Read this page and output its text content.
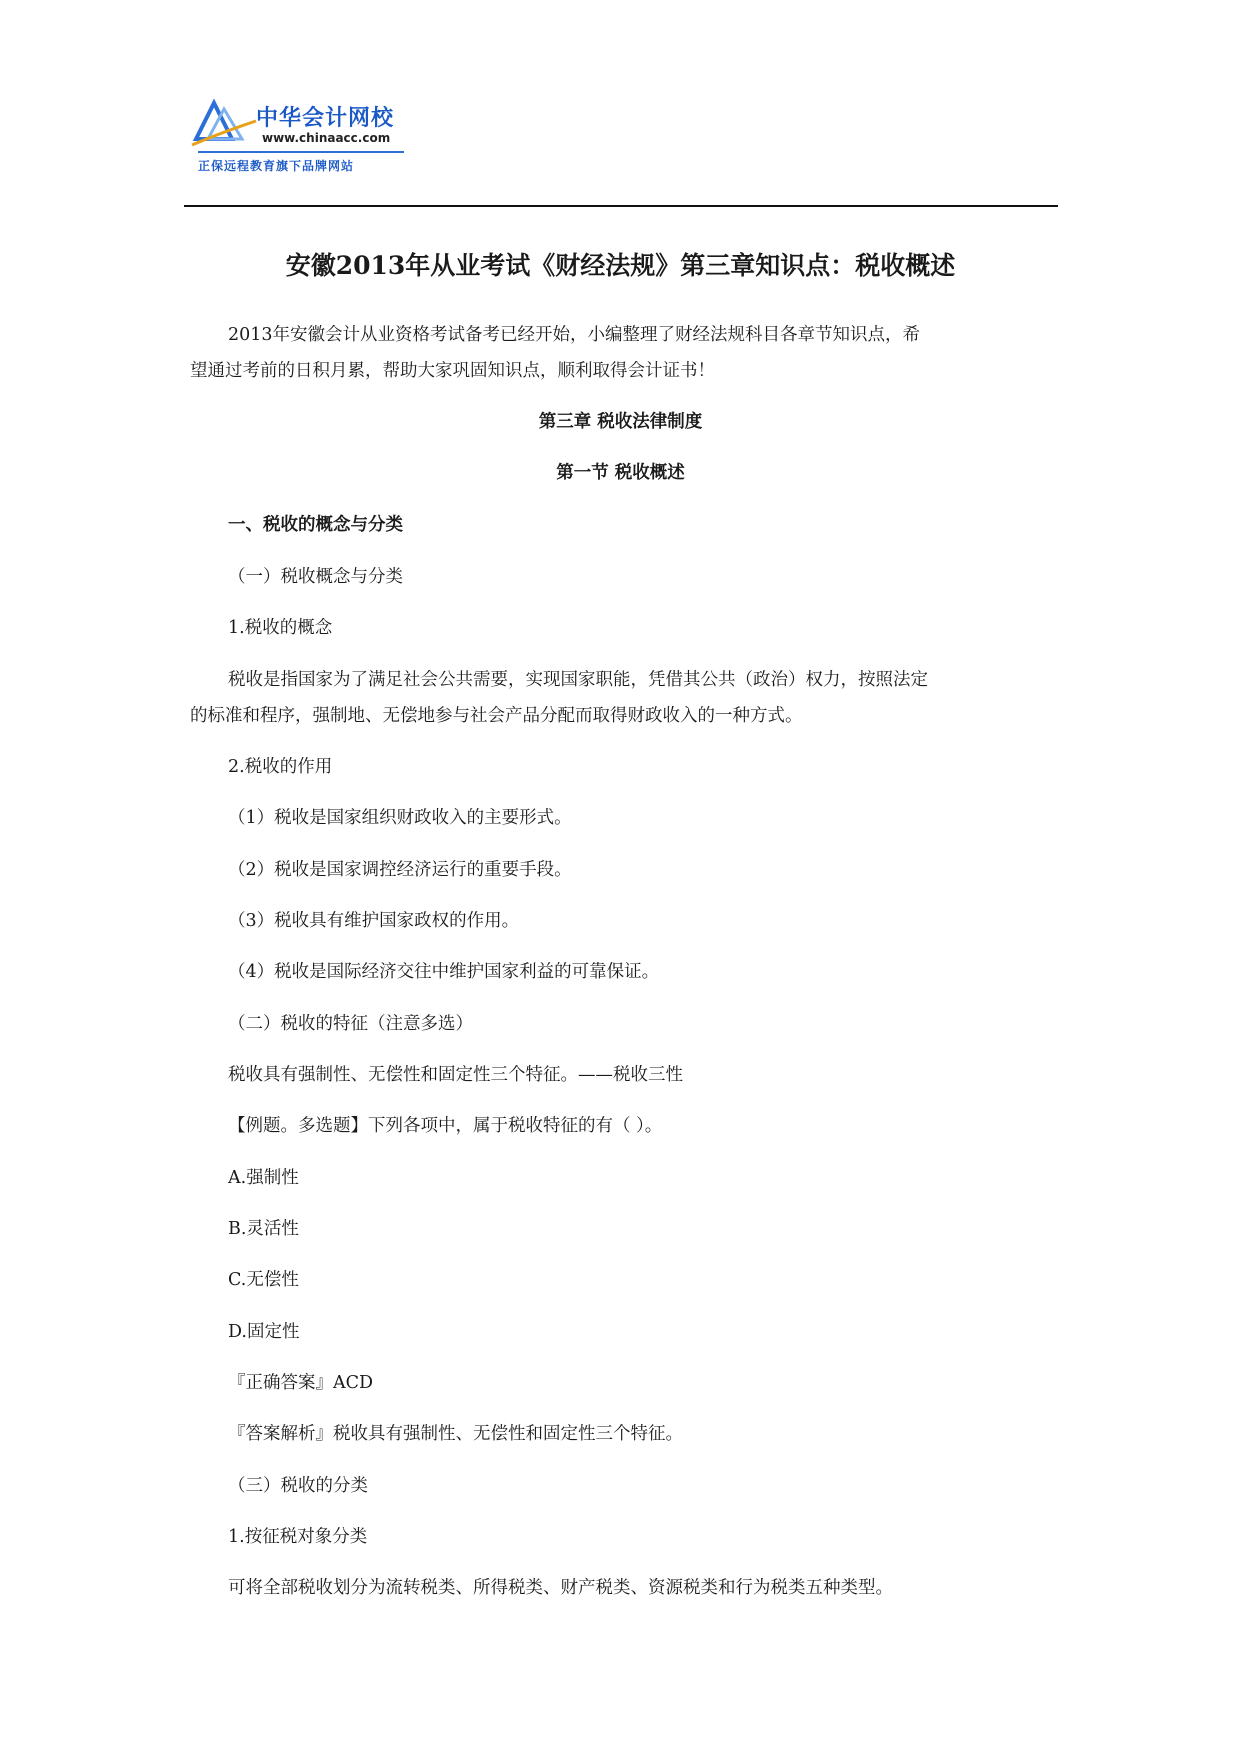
中华会计网校
www.chinaacc.com
正保远程教育旗下品牌网站
安徽2013年从业考试《财经法规》第三章知识点：税收概述
2013年安徽会计从业资格考试备考已经开始，小编整理了财经法规科目各章节知识点，希
望通过考前的日积月累，帮助大家巩固知识点，顺利取得会计证书！
第三章 税收法律制度
第一节 税收概述
一、税收的概念与分类
（一）税收概念与分类
1.税收的概念
税收是指国家为了满足社会公共需要，实现国家职能，凭借其公共（政治）权力，按照法定
的标准和程序，强制地、无偿地参与社会产品分配而取得财政收入的一种方式。
2.税收的作用
（1）税收是国家组织财政收入的主要形式。
（2）税收是国家调控经济运行的重要手段。
（3）税收具有维护国家政权的作用。
（4）税收是国际经济交往中维护国家利益的可靠保证。
（二）税收的特征（注意多选）
税收具有强制性、无偿性和固定性三个特征。——税收三性
【例题。多选题】下列各项中，属于税收特征的有（ ）。
A.强制性
B.灵活性
C.无偿性
D.固定性
『正确答案』ACD
『答案解析』税收具有强制性、无偿性和固定性三个特征。
（三）税收的分类
1.按征税对象分类
可将全部税收划分为流转税类、所得税类、财产税类、资源税类和行为税类五种类型。
